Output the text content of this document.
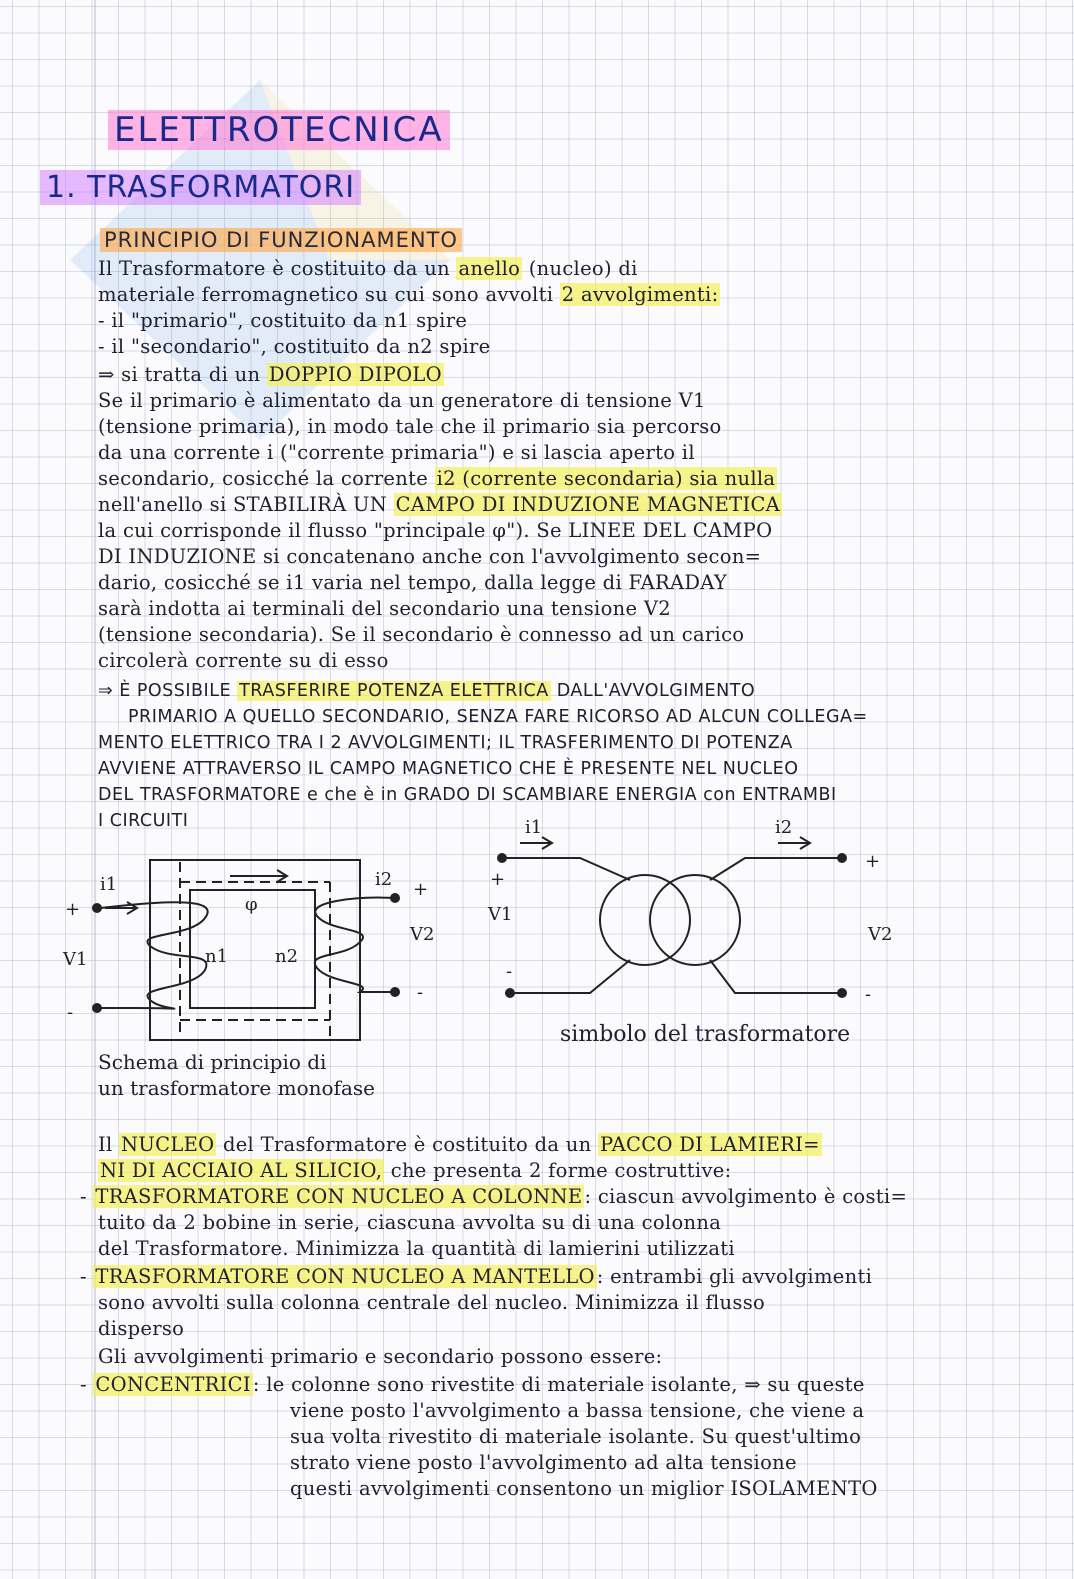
ELETTROTECNICA
1. TRASFORMATORI
PRINCIPIO DI FUNZIONAMENTO
Il Trasformatore è costituito da un anello (nucleo) di
materiale ferromagnetico su cui sono avvolti 2 avvolgimenti:
- il "primario", costituito da n1 spire
- il "secondario", costituito da n2 spire
⇒ si tratta di un DOPPIO DIPOLO
Se il primario è alimentato da un generatore di tensione V1
(tensione primaria), in modo tale che il primario sia percorso
da una corrente i ("corrente primaria") e si lascia aperto il
secondario, cosicché la corrente i2 (corrente secondaria) sia nulla
nell'anello si STABILIRÀ UN CAMPO DI INDUZIONE MAGNETICA
la cui corrisponde il flusso "principale φ"). Se LINEE DEL CAMPO
DI INDUZIONE si concatenano anche con l'avvolgimento secon=
dario, cosicché se i1 varia nel tempo, dalla legge di FARADAY
sarà indotta ai terminali del secondario una tensione V2
(tensione secondaria). Se il secondario è connesso ad un carico
circolerà corrente su di esso
⇒ È POSSIBILE TRASFERIRE POTENZA ELETTRICA DALL'AVVOLGIMENTO
PRIMARIO A QUELLO SECONDARIO, SENZA FARE RICORSO AD ALCUN COLLEGA=
MENTO ELETTRICO TRA I 2 AVVOLGIMENTI; IL TRASFERIMENTO DI POTENZA
AVVIENE ATTRAVERSO IL CAMPO MAGNETICO CHE È PRESENTE NEL NUCLEO
DEL TRASFORMATORE e che è in GRADO DI SCAMBIARE ENERGIA con ENTRAMBI
I CIRCUITI
i1	i2
φ
n1	n2
V1
V2
+
-
+
-
Schema di principio di
un trasformatore monofase
i1	i2
V1
V2
+
-
+
-
simbolo del trasformatore
Il NUCLEO del Trasformatore è costituito da un PACCO DI LAMIERI=
NI DI ACCIAIO AL SILICIO, che presenta 2 forme costruttive:
- TRASFORMATORE CON NUCLEO A COLONNE : ciascun avvolgimento è costi=
tuito da 2 bobine in serie, ciascuna avvolta su di una colonna
del Trasformatore. Minimizza la quantità di lamierini utilizzati
- TRASFORMATORE CON NUCLEO A MANTELLO : entrambi gli avvolgimenti
sono avvolti sulla colonna centrale del nucleo. Minimizza il flusso
disperso
Gli avvolgimenti primario e secondario possono essere:
- CONCENTRICI : le colonne sono rivestite di materiale isolante, ⇒ su queste
viene posto l'avvolgimento a bassa tensione, che viene a
sua volta rivestito di materiale isolante. Su quest'ultimo
strato viene posto l'avvolgimento ad alta tensione
questi avvolgimenti consentono un miglior ISOLAMENTO
